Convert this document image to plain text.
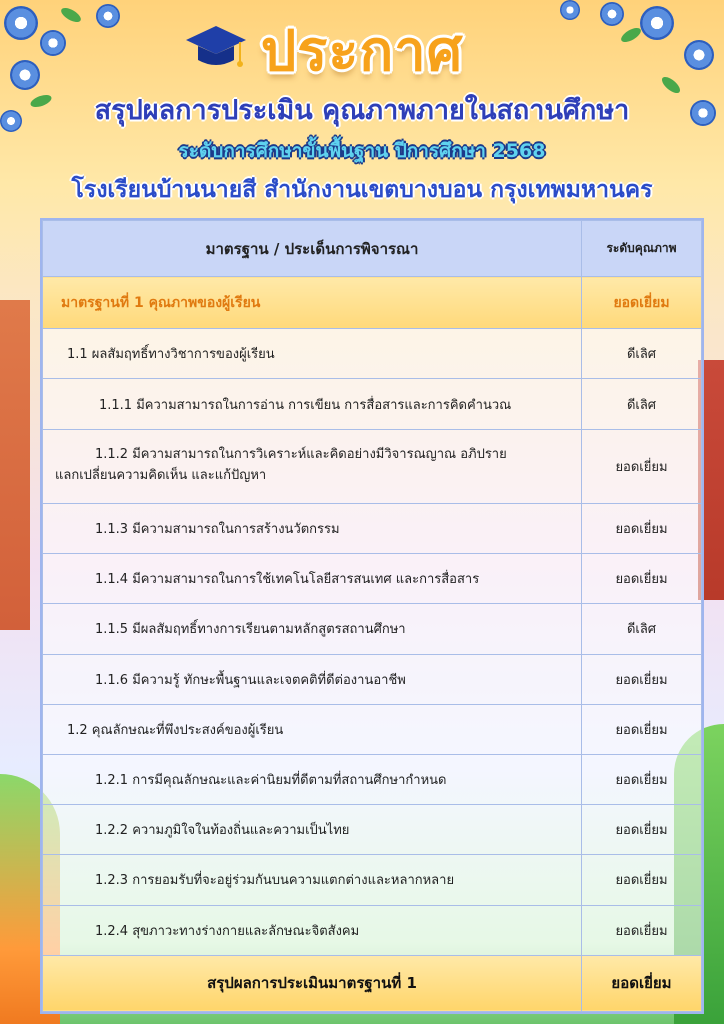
ประกาศ
สรุปผลการประเมิน คุณภาพภายในสถานศึกษา
ระดับการศึกษาขั้นพื้นฐาน ปีการศึกษา 2568
โรงเรียนบ้านนายสี สำนักงานเขตบางบอน กรุงเทพมหานคร
มาตรฐาน / ประเด็นการพิจารณา	ระดับคุณภาพ
มาตรฐานที่ 1 คุณภาพของผู้เรียน	ยอดเยี่ยม
1.1 ผลสัมฤทธิ์ทางวิชาการของผู้เรียน	ดีเลิศ
1.1.1 มีความสามารถในการอ่าน การเขียน การสื่อสารและการคิดคำนวณ	ดีเลิศ
1.1.2 มีความสามารถในการวิเคราะห์และคิดอย่างมีวิจารณญาณ อภิปราย
แลกเปลี่ยนความคิดเห็น และแก้ปัญหา	ยอดเยี่ยม
1.1.3 มีความสามารถในการสร้างนวัตกรรม	ยอดเยี่ยม
1.1.4 มีความสามารถในการใช้เทคโนโลยีสารสนเทศ และการสื่อสาร	ยอดเยี่ยม
1.1.5 มีผลสัมฤทธิ์ทางการเรียนตามหลักสูตรสถานศึกษา	ดีเลิศ
1.1.6 มีความรู้ ทักษะพื้นฐานและเจตคติที่ดีต่องานอาชีพ	ยอดเยี่ยม
1.2 คุณลักษณะที่พึงประสงค์ของผู้เรียน	ยอดเยี่ยม
1.2.1 การมีคุณลักษณะและค่านิยมที่ดีตามที่สถานศึกษากำหนด	ยอดเยี่ยม
1.2.2 ความภูมิใจในท้องถิ่นและความเป็นไทย	ยอดเยี่ยม
1.2.3 การยอมรับที่จะอยู่ร่วมกันบนความแตกต่างและหลากหลาย	ยอดเยี่ยม
1.2.4 สุขภาวะทางร่างกายและลักษณะจิตสังคม	ยอดเยี่ยม
สรุปผลการประเมินมาตรฐานที่ 1	ยอดเยี่ยม
